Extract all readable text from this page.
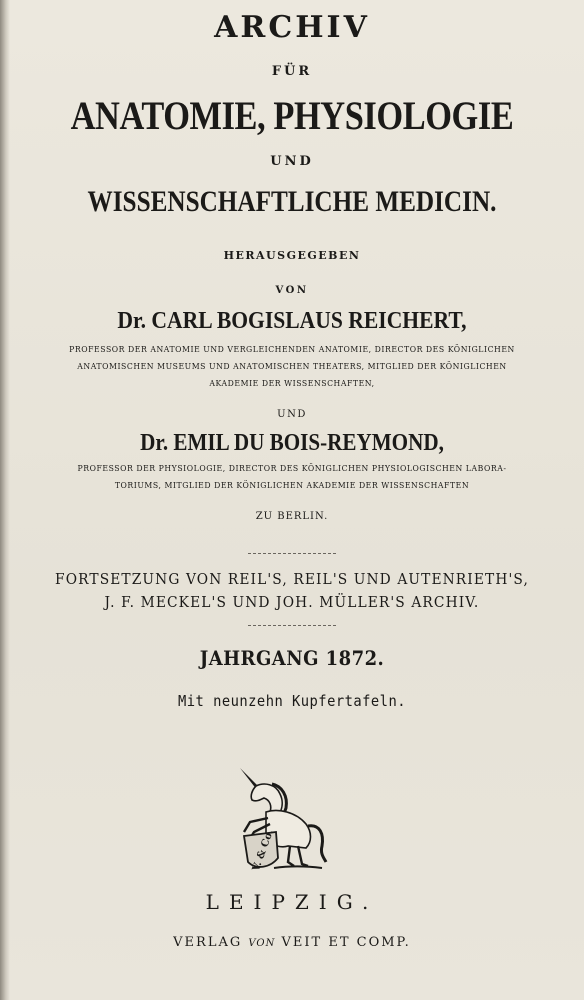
ARCHIV
FÜR
ANATOMIE, PHYSIOLOGIE
UND
WISSENSCHAFTLICHE MEDICIN.
HERAUSGEGEBEN
VON
Dr. CARL BOGISLAUS REICHERT,
PROFESSOR DER ANATOMIE UND VERGLEICHENDEN ANATOMIE, DIRECTOR DES KÖNIGLICHEN
ANATOMISCHEN MUSEUMS UND ANATOMISCHEN THEATERS, MITGLIED DER KÖNIGLICHEN
AKADEMIE DER WISSENSCHAFTEN,
UND
Dr. EMIL DU BOIS-REYMOND,
PROFESSOR DER PHYSIOLOGIE, DIRECTOR DES KÖNIGLICHEN PHYSIOLOGISCHEN LABORA-
TORIUMS, MITGLIED DER KÖNIGLICHEN AKADEMIE DER WISSENSCHAFTEN
ZU BERLIN.
FORTSETZUNG VON REIL'S, REIL'S UND AUTENRIETH'S,
J. F. MECKEL'S UND JOH. MÜLLER'S ARCHIV.
JAHRGANG 1872.
Mit neunzehn Kupfertafeln.
V. & Co.
LEIPZIG.
VERLAG VON VEIT ET COMP.
